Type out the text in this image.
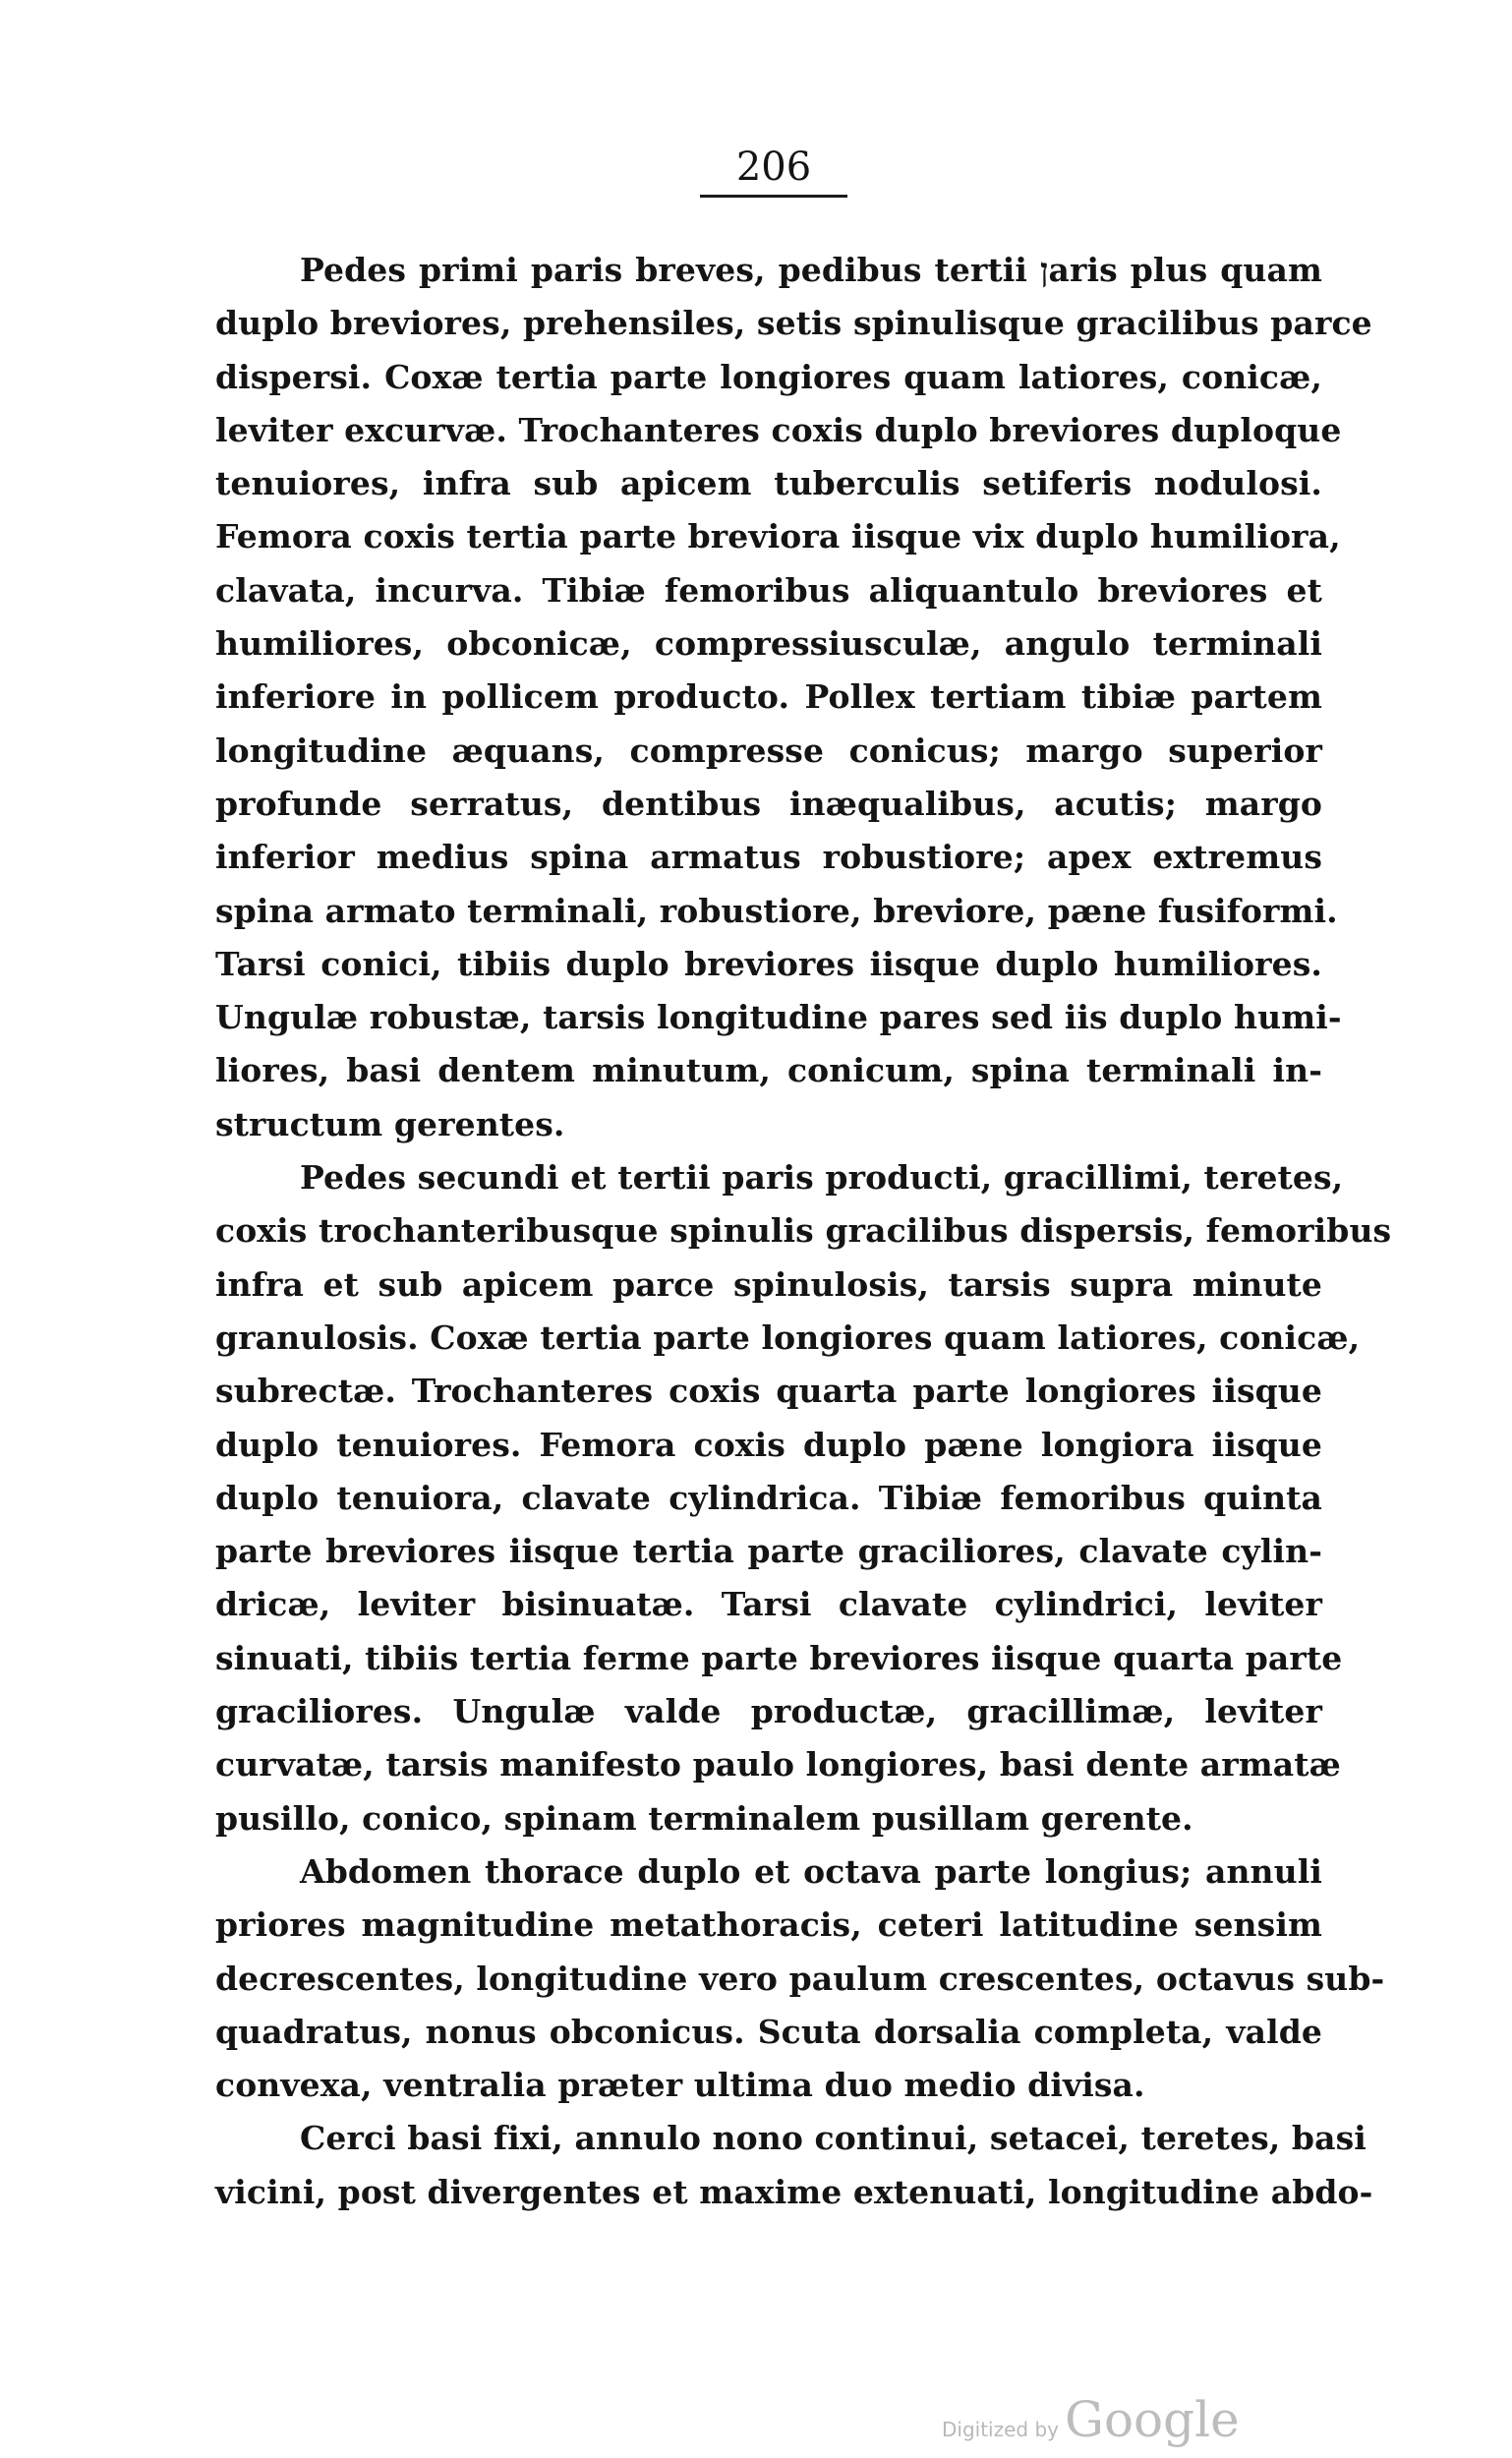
206
Pedes primi paris breves, pedibus tertii ןaris plus quam
duplo breviores, prehensiles, setis spinulisque gracilibus parce
dispersi. Coxæ tertia parte longiores quam latiores, conicæ,
leviter excurvæ. Trochanteres coxis duplo breviores duploque
tenuiores, infra sub apicem tuberculis setiferis nodulosi.
Femora coxis tertia parte breviora iisque vix duplo humiliora,
clavata, incurva. Tibiæ femoribus aliquantulo breviores et
humiliores, obconicæ, compressiusculæ, angulo terminali
inferiore in pollicem producto. Pollex tertiam tibiæ partem
longitudine æquans, compresse conicus; margo superior
profunde serratus, dentibus inæqualibus, acutis; margo
inferior medius spina armatus robustiore; apex extremus
spina armato terminali, robustiore, breviore, pæne fusiformi.
Tarsi conici, tibiis duplo breviores iisque duplo humiliores.
Ungulæ robustæ, tarsis longitudine pares sed iis duplo humi-
liores, basi dentem minutum, conicum, spina terminali in-
structum gerentes.
Pedes secundi et tertii paris producti, gracillimi, teretes,
coxis trochanteribusque spinulis gracilibus dispersis, femoribus
infra et sub apicem parce spinulosis, tarsis supra minute
granulosis. Coxæ tertia parte longiores quam latiores, conicæ,
subrectæ. Trochanteres coxis quarta parte longiores iisque
duplo tenuiores. Femora coxis duplo pæne longiora iisque
duplo tenuiora, clavate cylindrica. Tibiæ femoribus quinta
parte breviores iisque tertia parte graciliores, clavate cylin-
dricæ, leviter bisinuatæ. Tarsi clavate cylindrici, leviter
sinuati, tibiis tertia ferme parte breviores iisque quarta parte
graciliores. Ungulæ valde productæ, gracillimæ, leviter
curvatæ, tarsis manifesto paulo longiores, basi dente armatæ
pusillo, conico, spinam terminalem pusillam gerente.
Abdomen thorace duplo et octava parte longius; annuli
priores magnitudine metathoracis, ceteri latitudine sensim
decrescentes, longitudine vero paulum crescentes, octavus sub-
quadratus, nonus obconicus. Scuta dorsalia completa, valde
convexa, ventralia præter ultima duo medio divisa.
Cerci basi fixi, annulo nono continui, setacei, teretes, basi
vicini, post divergentes et maxime extenuati, longitudine abdo-
Digitized by Google
